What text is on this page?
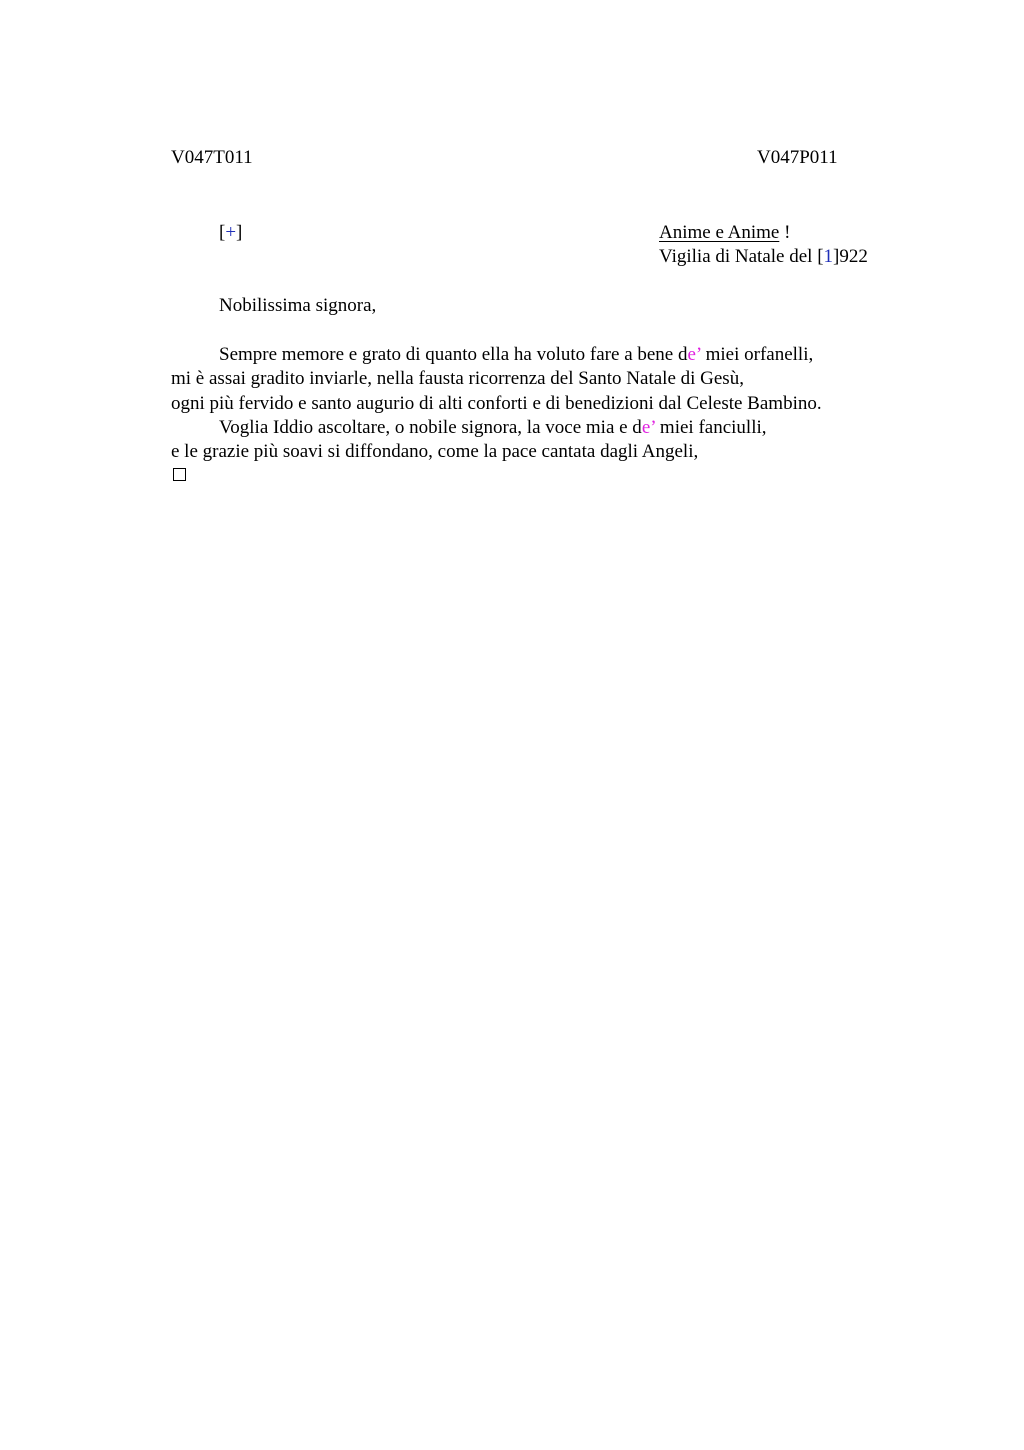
V047T011	V047P011
[+]	Anime e Anime !
Vigilia di Natale del [1]922
Nobilissima signora,
Sempre memore e grato di quanto ella ha voluto fare a bene de’ miei orfanelli,
mi è assai gradito inviarle, nella fausta ricorrenza del Santo Natale di Gesù,
ogni più fervido e santo augurio di alti conforti e di benedizioni dal Celeste Bambino.
Voglia Iddio ascoltare, o nobile signora, la voce mia e de’ miei fanciulli,
e le grazie più soavi si diffondano, come la pace cantata dagli Angeli,
